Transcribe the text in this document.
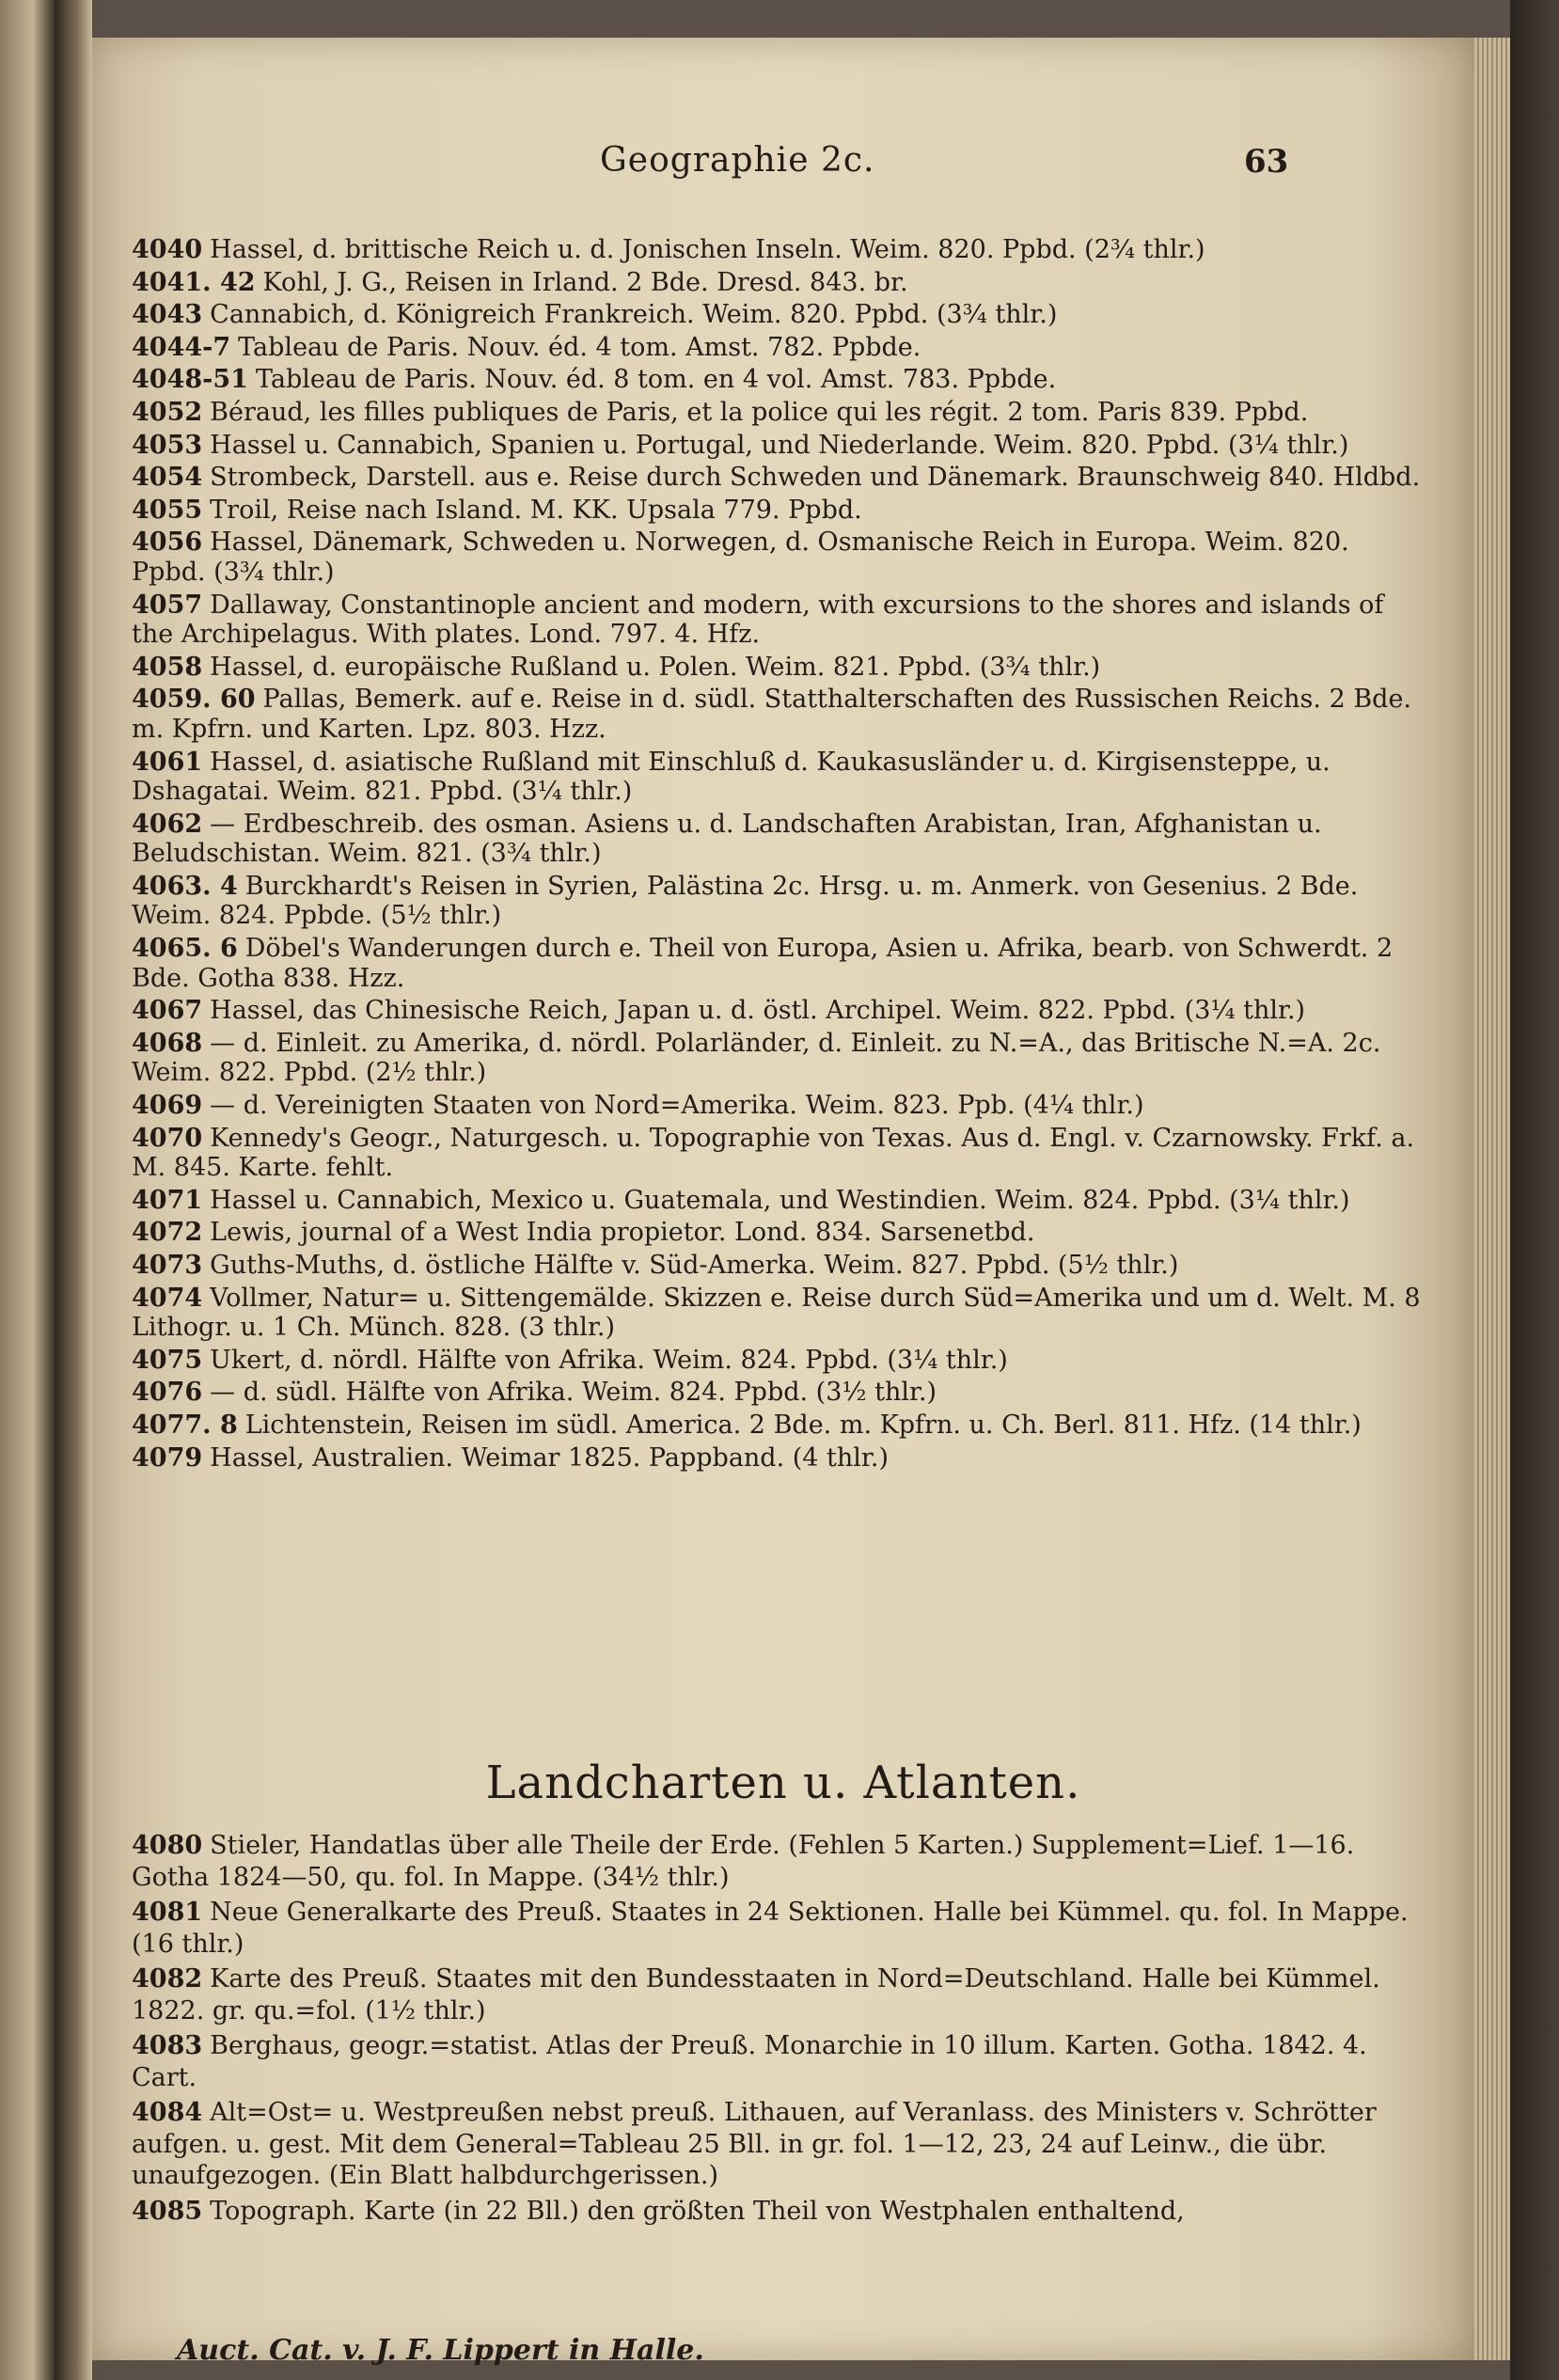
Geographie 2c.	63
4040 Hassel, d. brittische Reich u. d. Jonischen Inseln. Weim. 820. Ppbd. (2¾ thlr.)
4041. 42 Kohl, J. G., Reisen in Irland. 2 Bde. Dresd. 843. br.
4043 Cannabich, d. Königreich Frankreich. Weim. 820. Ppbd. (3¾ thlr.)
4044-7 Tableau de Paris. Nouv. éd. 4 tom. Amst. 782. Ppbde.
4048-51 Tableau de Paris. Nouv. éd. 8 tom. en 4 vol. Amst. 783. Ppbde.
4052 Béraud, les filles publiques de Paris, et la police qui les régit. 2 tom. Paris 839. Ppbd.
4053 Hassel u. Cannabich, Spanien u. Portugal, und Niederlande. Weim. 820. Ppbd. (3¼ thlr.)
4054 Strombeck, Darstell. aus e. Reise durch Schweden und Dänemark. Braunschweig 840. Hldbd.
4055 Troil, Reise nach Island. M. KK. Upsala 779. Ppbd.
4056 Hassel, Dänemark, Schweden u. Norwegen, d. Osmanische Reich in Europa. Weim. 820. Ppbd. (3¾ thlr.)
4057 Dallaway, Constantinople ancient and modern, with excursions to the shores and islands of the Archipelagus. With plates. Lond. 797. 4. Hfz.
4058 Hassel, d. europäische Rußland u. Polen. Weim. 821. Ppbd. (3¾ thlr.)
4059. 60 Pallas, Bemerk. auf e. Reise in d. südl. Statthalterschaften des Russischen Reichs. 2 Bde. m. Kpfrn. und Karten. Lpz. 803. Hzz.
4061 Hassel, d. asiatische Rußland mit Einschluß d. Kaukasusländer u. d. Kirgisensteppe, u. Dshagatai. Weim. 821. Ppbd. (3¼ thlr.)
4062 — Erdbeschreib. des osman. Asiens u. d. Landschaften Arabistan, Iran, Afghanistan u. Beludschistan. Weim. 821. (3¾ thlr.)
4063. 4 Burckhardt's Reisen in Syrien, Palästina 2c. Hrsg. u. m. Anmerk. von Gesenius. 2 Bde. Weim. 824. Ppbde. (5½ thlr.)
4065. 6 Döbel's Wanderungen durch e. Theil von Europa, Asien u. Afrika, bearb. von Schwerdt. 2 Bde. Gotha 838. Hzz.
4067 Hassel, das Chinesische Reich, Japan u. d. östl. Archipel. Weim. 822. Ppbd. (3¼ thlr.)
4068 — d. Einleit. zu Amerika, d. nördl. Polarländer, d. Einleit. zu N.=A., das Britische N.=A. 2c. Weim. 822. Ppbd. (2½ thlr.)
4069 — d. Vereinigten Staaten von Nord=Amerika. Weim. 823. Ppb. (4¼ thlr.)
4070 Kennedy's Geogr., Naturgesch. u. Topographie von Texas. Aus d. Engl. v. Czarnowsky. Frkf. a. M. 845. Karte. fehlt.
4071 Hassel u. Cannabich, Mexico u. Guatemala, und Westindien. Weim. 824. Ppbd. (3¼ thlr.)
4072 Lewis, journal of a West India propietor. Lond. 834. Sarsenetbd.
4073 Guths-Muths, d. östliche Hälfte v. Süd-Amerka. Weim. 827. Ppbd. (5½ thlr.)
4074 Vollmer, Natur= u. Sittengemälde. Skizzen e. Reise durch Süd=Amerika und um d. Welt. M. 8 Lithogr. u. 1 Ch. Münch. 828. (3 thlr.)
4075 Ukert, d. nördl. Hälfte von Afrika. Weim. 824. Ppbd. (3¼ thlr.)
4076 — d. südl. Hälfte von Afrika. Weim. 824. Ppbd. (3½ thlr.)
4077. 8 Lichtenstein, Reisen im südl. America. 2 Bde. m. Kpfrn. u. Ch. Berl. 811. Hfz. (14 thlr.)
4079 Hassel, Australien. Weimar 1825. Pappband. (4 thlr.)
Landcharten u. Atlanten.
4080 Stieler, Handatlas über alle Theile der Erde. (Fehlen 5 Karten.) Supplement=Lief. 1—16. Gotha 1824—50, qu. fol. In Mappe. (34½ thlr.)
4081 Neue Generalkarte des Preuß. Staates in 24 Sektionen. Halle bei Kümmel. qu. fol. In Mappe. (16 thlr.)
4082 Karte des Preuß. Staates mit den Bundesstaaten in Nord=Deutschland. Halle bei Kümmel. 1822. gr. qu.=fol. (1½ thlr.)
4083 Berghaus, geogr.=statist. Atlas der Preuß. Monarchie in 10 illum. Karten. Gotha. 1842. 4. Cart.
4084 Alt=Ost= u. Westpreußen nebst preuß. Lithauen, auf Veranlass. des Ministers v. Schrötter aufgen. u. gest. Mit dem General=Tableau 25 Bll. in gr. fol. 1—12, 23, 24 auf Leinw., die übr. unaufgezogen. (Ein Blatt halbdurchgerissen.)
4085 Topograph. Karte (in 22 Bll.) den größten Theil von Westphalen enthaltend,
Auct. Cat. v. J. F. Lippert in Halle.
